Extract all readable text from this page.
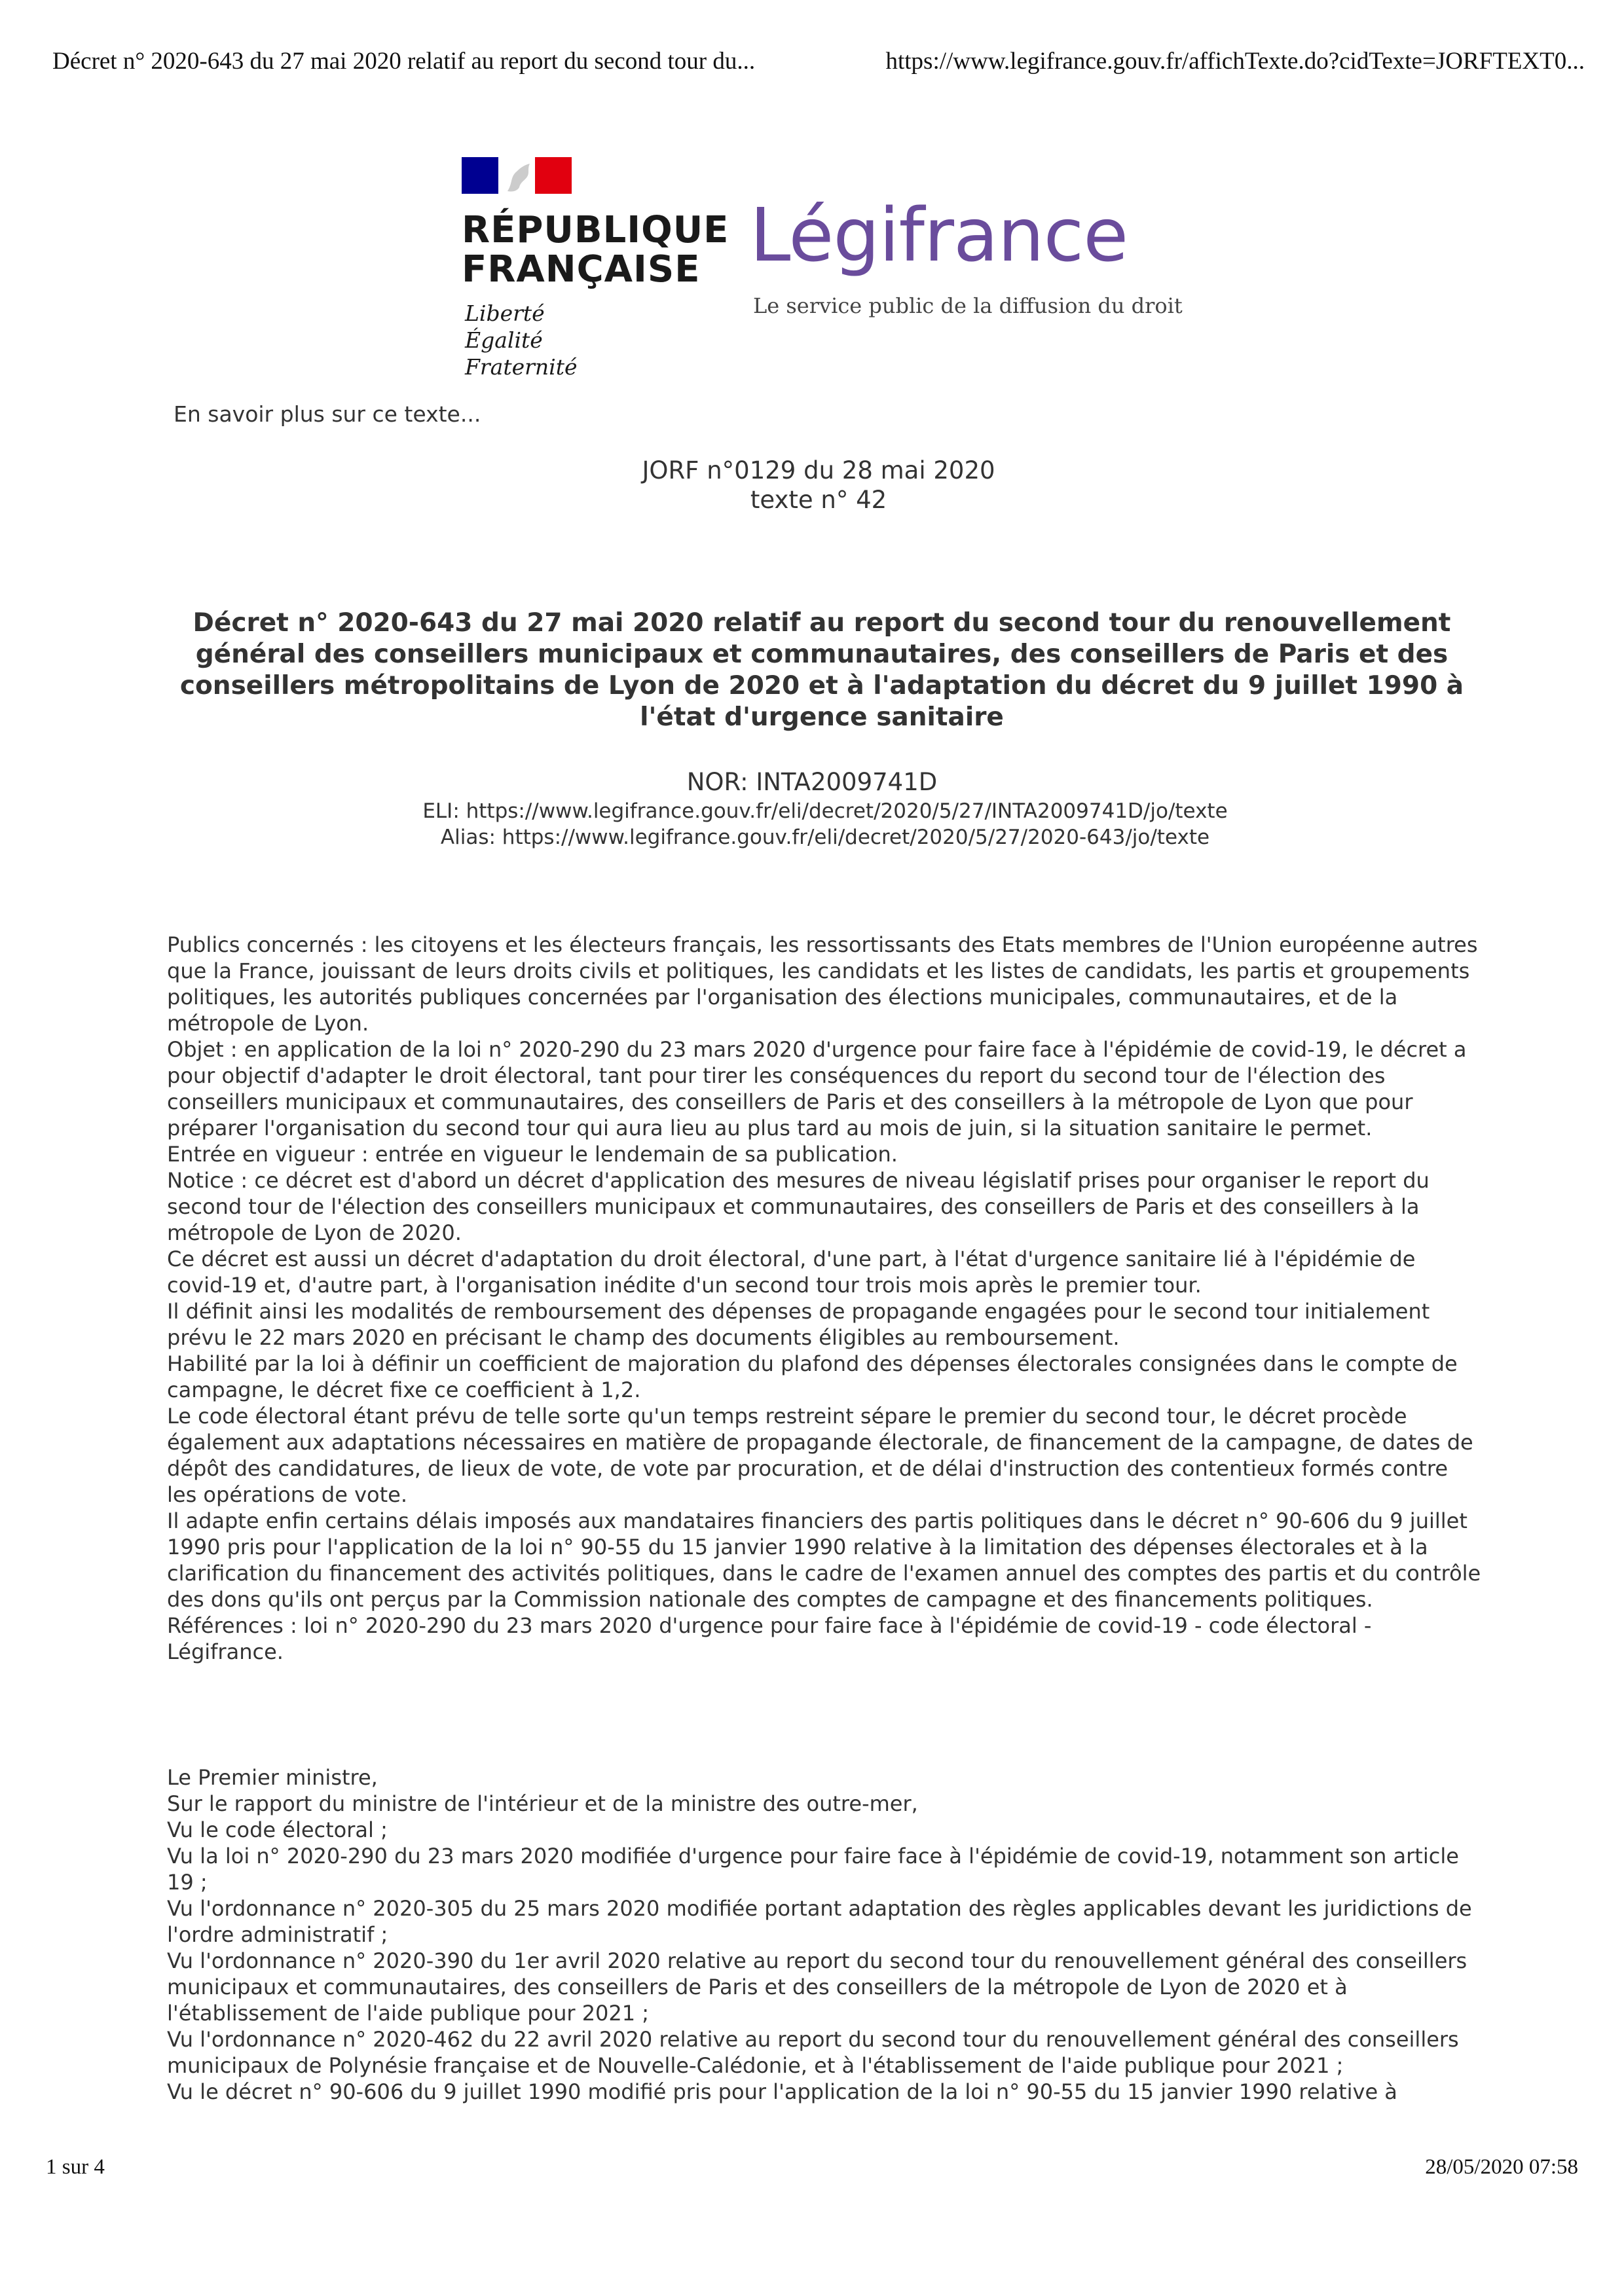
Décret n° 2020-643 du 27 mai 2020 relatif au report du second tour du...	https://www.legifrance.gouv.fr/affichTexte.do?cidTexte=JORFTEXT0...
RÉPUBLIQUE
FRANÇAISE
Liberté
Égalité
Fraternité
Légifrance
Le service public de la diffusion du droit
En savoir plus sur ce texte...
JORF n°0129 du 28 mai 2020
texte n° 42
Décret n° 2020-643 du 27 mai 2020 relatif au report du second tour du renouvellement général des conseillers municipaux et communautaires, des conseillers de Paris et des conseillers métropolitains de Lyon de 2020 et à l'adaptation du décret du 9 juillet 1990 à l'état d'urgence sanitaire
NOR: INTA2009741D
ELI: https://www.legifrance.gouv.fr/eli/decret/2020/5/27/INTA2009741D/jo/texte
Alias: https://www.legifrance.gouv.fr/eli/decret/2020/5/27/2020-643/jo/texte

Publics concernés : les citoyens et les électeurs français, les ressortissants des Etats membres de l'Union européenne autres que la France, jouissant de leurs droits civils et politiques, les candidats et les listes de candidats, les partis et groupements politiques, les autorités publiques concernées par l'organisation des élections municipales, communautaires, et de la métropole de Lyon.

Objet : en application de la loi n° 2020-290 du 23 mars 2020 d'urgence pour faire face à l'épidémie de covid-19, le décret a pour objectif d'adapter le droit électoral, tant pour tirer les conséquences du report du second tour de l'élection des conseillers municipaux et communautaires, des conseillers de Paris et des conseillers à la métropole de Lyon que pour préparer l'organisation du second tour qui aura lieu au plus tard au mois de juin, si la situation sanitaire le permet.

Entrée en vigueur : entrée en vigueur le lendemain de sa publication.

Notice : ce décret est d'abord un décret d'application des mesures de niveau législatif prises pour organiser le report du second tour de l'élection des conseillers municipaux et communautaires, des conseillers de Paris et des conseillers à la métropole de Lyon de 2020.

Ce décret est aussi un décret d'adaptation du droit électoral, d'une part, à l'état d'urgence sanitaire lié à l'épidémie de covid-19 et, d'autre part, à l'organisation inédite d'un second tour trois mois après le premier tour.

Il définit ainsi les modalités de remboursement des dépenses de propagande engagées pour le second tour initialement prévu le 22 mars 2020 en précisant le champ des documents éligibles au remboursement.

Habilité par la loi à définir un coefficient de majoration du plafond des dépenses électorales consignées dans le compte de campagne, le décret fixe ce coefficient à 1,2.

Le code électoral étant prévu de telle sorte qu'un temps restreint sépare le premier du second tour, le décret procède également aux adaptations nécessaires en matière de propagande électorale, de financement de la campagne, de dates de dépôt des candidatures, de lieux de vote, de vote par procuration, et de délai d'instruction des contentieux formés contre les opérations de vote.

Il adapte enfin certains délais imposés aux mandataires financiers des partis politiques dans le décret n° 90-606 du 9 juillet 1990 pris pour l'application de la loi n° 90-55 du 15 janvier 1990 relative à la limitation des dépenses électorales et à la clarification du financement des activités politiques, dans le cadre de l'examen annuel des comptes des partis et du contrôle des dons qu'ils ont perçus par la Commission nationale des comptes de campagne et des financements politiques.

Références : loi n° 2020-290 du 23 mars 2020 d'urgence pour faire face à l'épidémie de covid-19 - code électoral - Légifrance.

Le Premier ministre,

Sur le rapport du ministre de l'intérieur et de la ministre des outre-mer,

Vu le code électoral ;

Vu la loi n° 2020-290 du 23 mars 2020 modifiée d'urgence pour faire face à l'épidémie de covid-19, notamment son article 19 ;

Vu l'ordonnance n° 2020-305 du 25 mars 2020 modifiée portant adaptation des règles applicables devant les juridictions de l'ordre administratif ;

Vu l'ordonnance n° 2020-390 du 1er avril 2020 relative au report du second tour du renouvellement général des conseillers municipaux et communautaires, des conseillers de Paris et des conseillers de la métropole de Lyon de 2020 et à l'établissement de l'aide publique pour 2021 ;

Vu l'ordonnance n° 2020-462 du 22 avril 2020 relative au report du second tour du renouvellement général des conseillers municipaux de Polynésie française et de Nouvelle-Calédonie, et à l'établissement de l'aide publique pour 2021 ;

Vu le décret n° 90-606 du 9 juillet 1990 modifié pris pour l'application de la loi n° 90-55 du 15 janvier 1990 relative à

1 sur 4	28/05/2020 07:58
